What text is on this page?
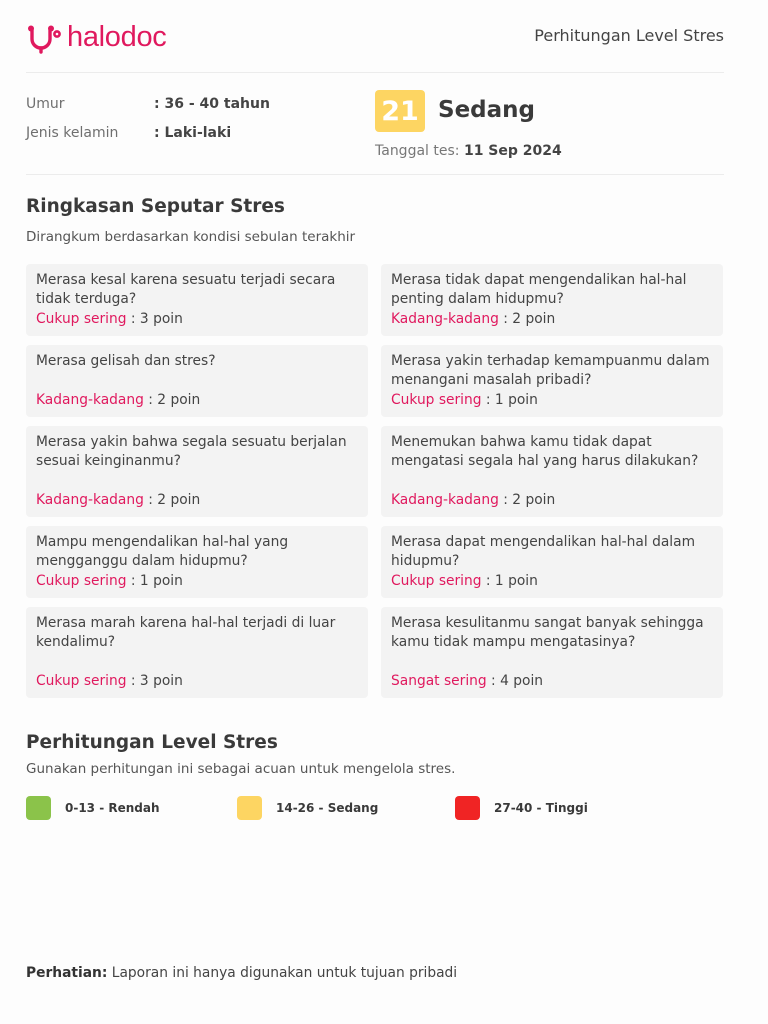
halodoc	Perhitungan Level Stres
Umur	: 36 - 40 tahun
Jenis kelamin	: Laki-laki
21 Sedang
Tanggal tes: 11 Sep 2024
Ringkasan Seputar Stres
Dirangkum berdasarkan kondisi sebulan terakhir
Merasa kesal karena sesuatu terjadi secara tidak terduga?
Cukup sering : 3 poin
Merasa tidak dapat mengendalikan hal-hal penting dalam hidupmu?
Kadang-kadang : 2 poin
Merasa gelisah dan stres?
Kadang-kadang : 2 poin
Merasa yakin terhadap kemampuanmu dalam menangani masalah pribadi?
Cukup sering : 1 poin
Merasa yakin bahwa segala sesuatu berjalan sesuai keinginanmu?
Kadang-kadang : 2 poin
Menemukan bahwa kamu tidak dapat mengatasi segala hal yang harus dilakukan?
Kadang-kadang : 2 poin
Mampu mengendalikan hal-hal yang mengganggu dalam hidupmu?
Cukup sering : 1 poin
Merasa dapat mengendalikan hal-hal dalam hidupmu?
Cukup sering : 1 poin
Merasa marah karena hal-hal terjadi di luar kendalimu?
Cukup sering : 3 poin
Merasa kesulitanmu sangat banyak sehingga kamu tidak mampu mengatasinya?
Sangat sering : 4 poin
Perhitungan Level Stres
Gunakan perhitungan ini sebagai acuan untuk mengelola stres.
0-13 - Rendah	14-26 - Sedang	27-40 - Tinggi
Perhatian: Laporan ini hanya digunakan untuk tujuan pribadi
